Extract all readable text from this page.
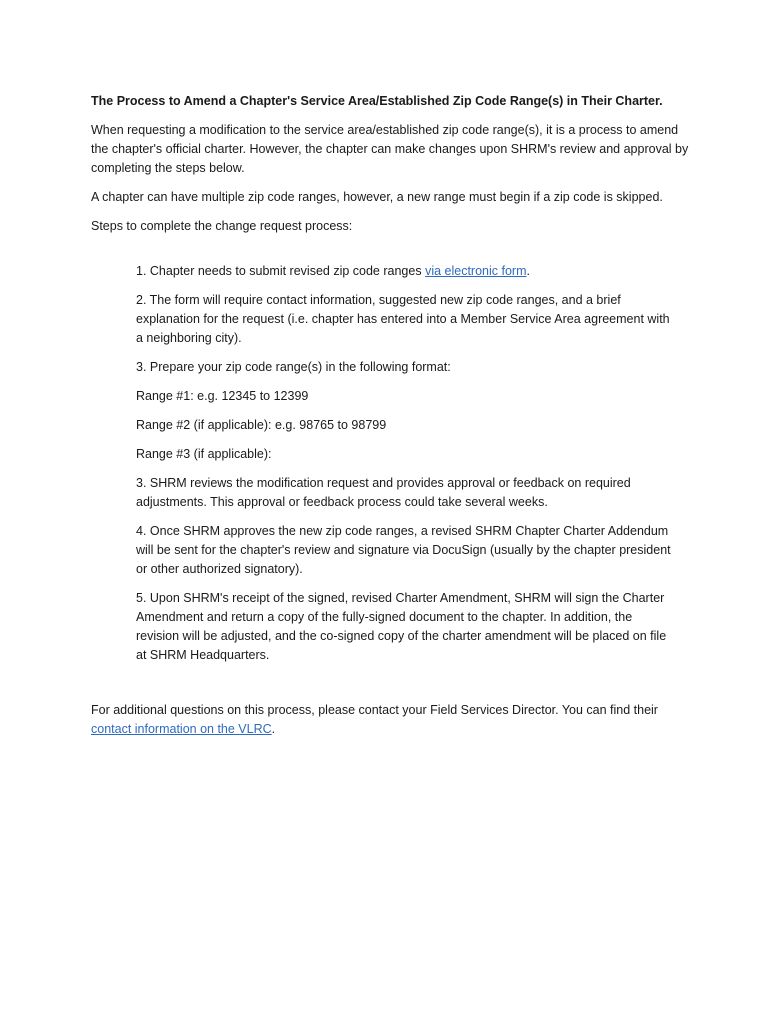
The Process to Amend a Chapter's Service Area/Established Zip Code Range(s) in Their Charter.

When requesting a modification to the service area/established zip code range(s), it is a process to amend the chapter's official charter. However, the chapter can make changes upon SHRM's review and approval by completing the steps below.

A chapter can have multiple zip code ranges, however, a new range must begin if a zip code is skipped.

Steps to complete the change request process:

1. Chapter needs to submit revised zip code ranges via electronic form.

2. The form will require contact information, suggested new zip code ranges, and a brief explanation for the request (i.e. chapter has entered into a Member Service Area agreement with a neighboring city).

3. Prepare your zip code range(s) in the following format:

Range #1: e.g. 12345 to 12399

Range #2 (if applicable): e.g. 98765 to 98799

Range #3 (if applicable):

3. SHRM reviews the modification request and provides approval or feedback on required adjustments. This approval or feedback process could take several weeks.

4. Once SHRM approves the new zip code ranges, a revised SHRM Chapter Charter Addendum will be sent for the chapter's review and signature via DocuSign (usually by the chapter president or other authorized signatory).

5. Upon SHRM's receipt of the signed, revised Charter Amendment, SHRM will sign the Charter Amendment and return a copy of the fully-signed document to the chapter. In addition, the revision will be adjusted, and the co-signed copy of the charter amendment will be placed on file at SHRM Headquarters.

For additional questions on this process, please contact your Field Services Director. You can find their contact information on the VLRC.
